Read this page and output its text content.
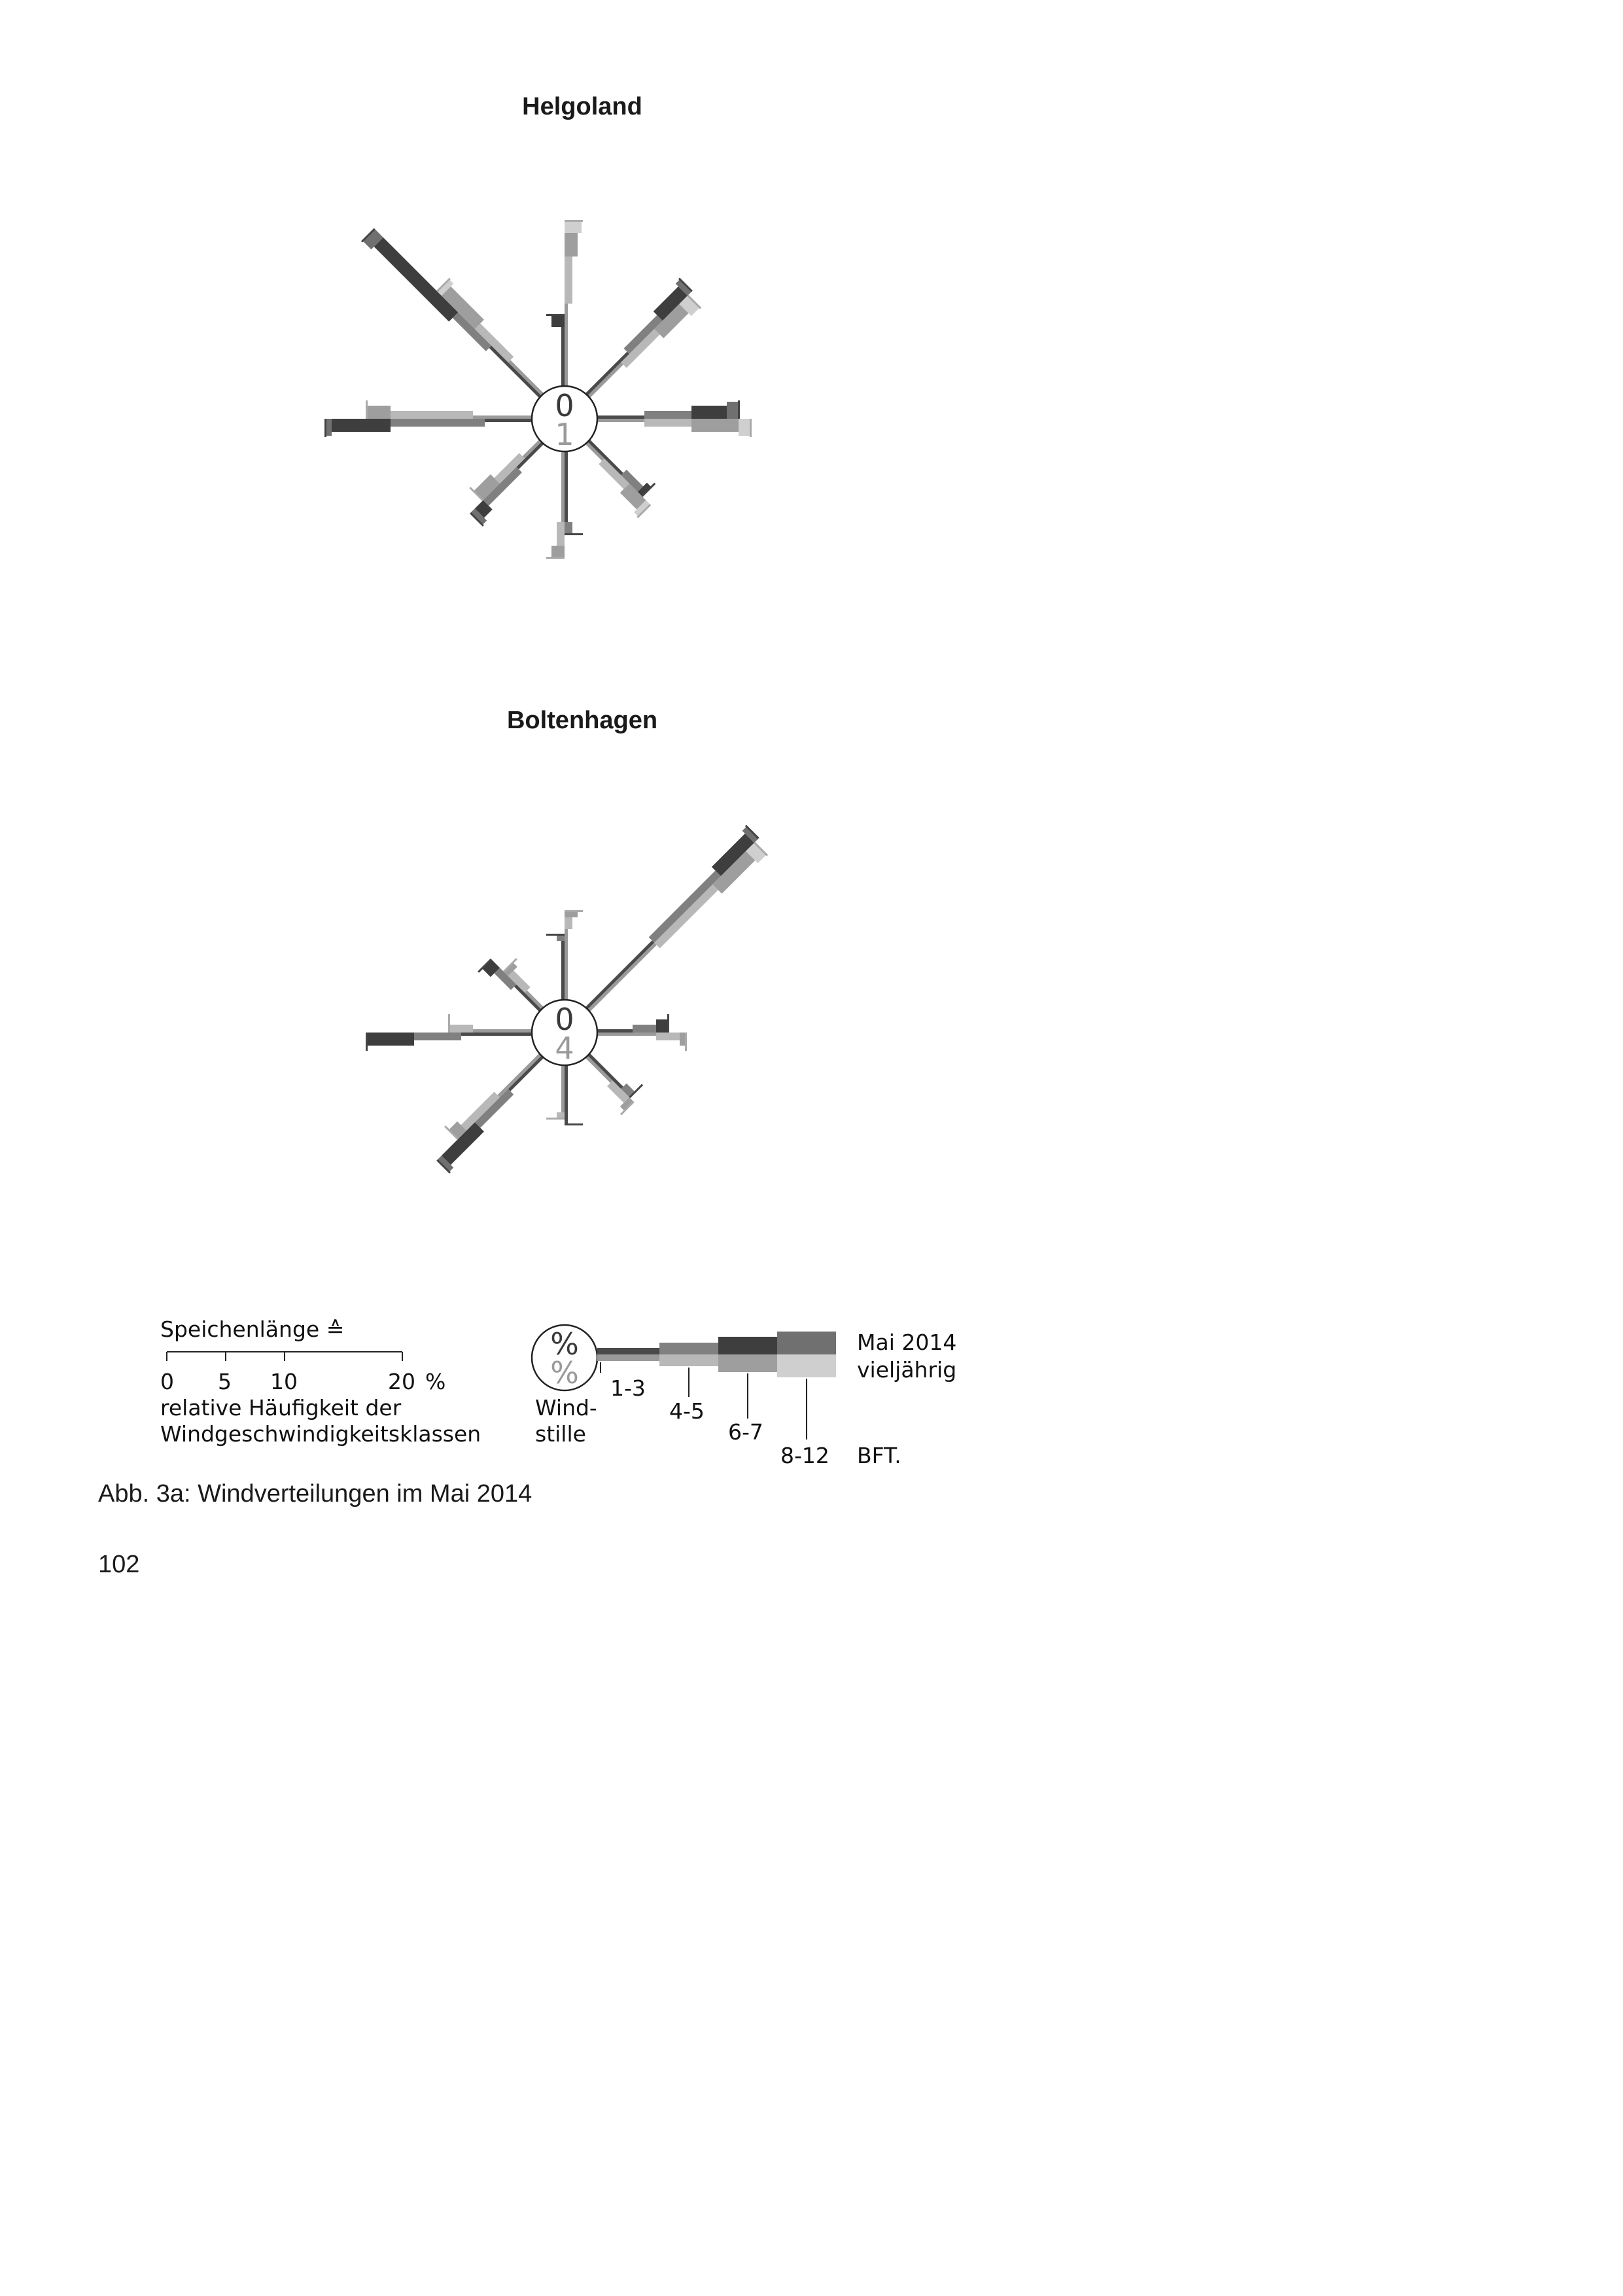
Helgoland
Boltenhagen
0
1
0
4
Speichenlänge ≙
0 5 10	20 %
relative Häufigkeit der
Windgeschwindigkeitsklassen
%
%
Wind-
stille
1-3
4-5
6-7
8-12
Mai 2014
vieljährig
BFT.
Abb. 3a: Windverteilungen im Mai 2014
102
